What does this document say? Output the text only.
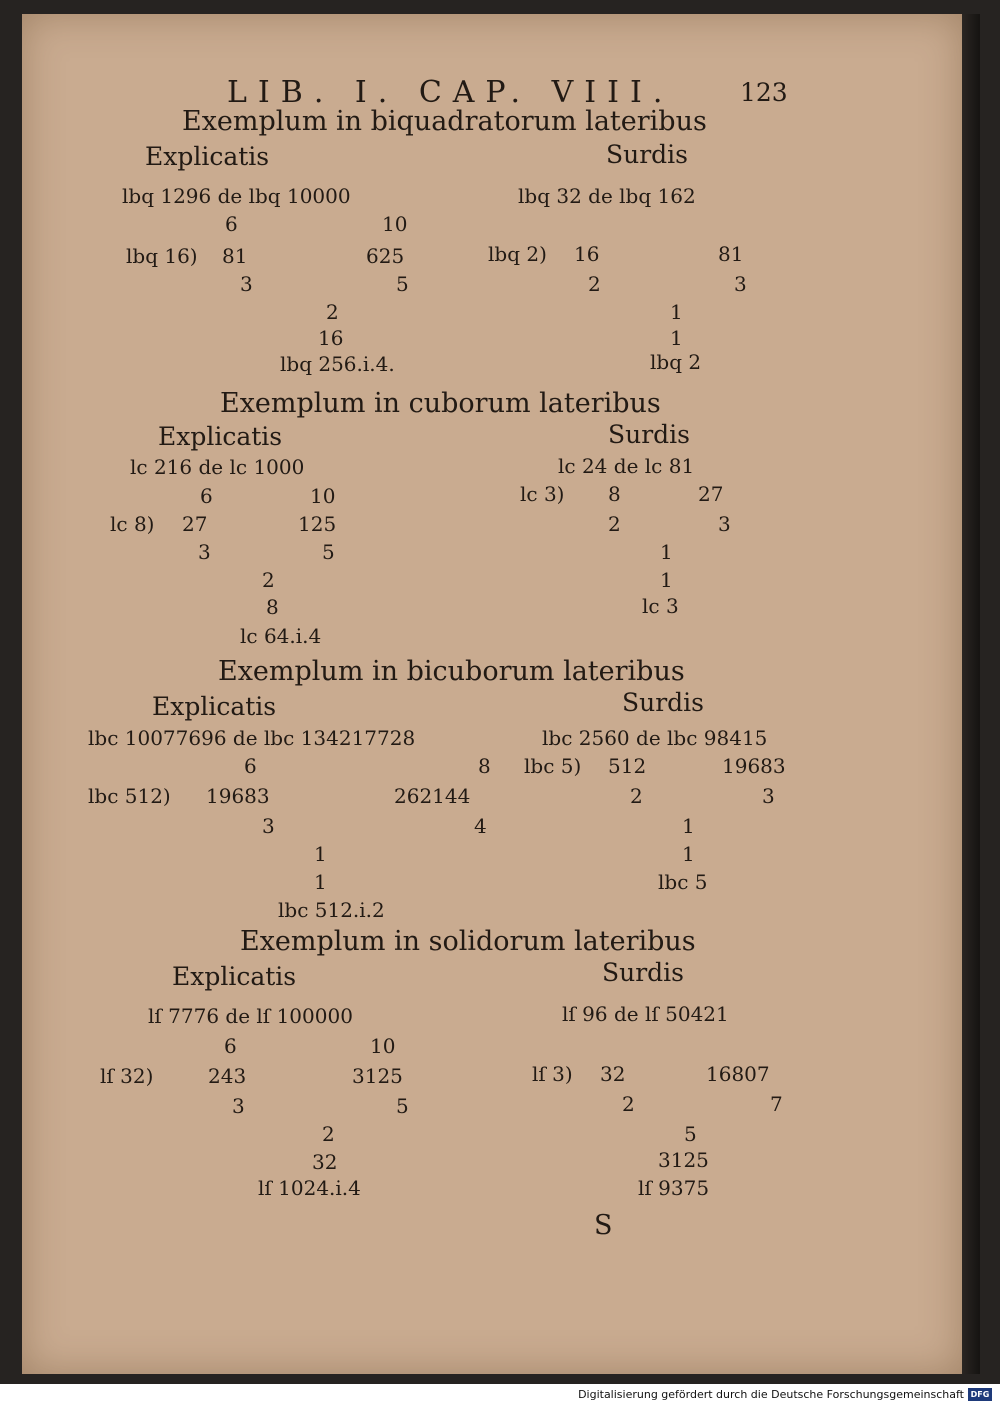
LIB. I. CAP. VIII.	123
Exemplum in biquadratorum lateribus
Explicatis	Surdis
lbq 1296 de lbq 10000
6	10
lbq 16) 81	625
3	5
2
16
lbq 256.i.4.
lbq 32 de lbq 162
lbq 2) 16	81
2	3
1
1
lbq 2
Exemplum in cuborum lateribus
Explicatis	Surdis
lc 216 de lc 1000
6	10
lc 8) 27	125
3	5
2
8
lc 64.i.4
lc 24 de lc 81
lc 3) 8	27
2	3
1
1
lc 3
Exemplum in bicuborum lateribus
Explicatis	Surdis
lbc 10077696 de lbc 134217728
6	8
lbc 512) 19683	262144
3	4
1
1
lbc 512.i.2
lbc 2560 de lbc 98415
lbc 5) 512	19683
2	3
1
1
lbc 5
Exemplum in solidorum lateribus
Explicatis	Surdis
lſ 7776 de lſ 100000
6	10
lſ 32)	243	3125
3	5
2
32
lſ 1024.i.4
lſ 96 de lſ 50421
lſ 3) 32	16807
2	7
5
3125
lſ 9375
S
Digitalisierung gefördert durch die Deutsche Forschungsgemeinschaft DFG
